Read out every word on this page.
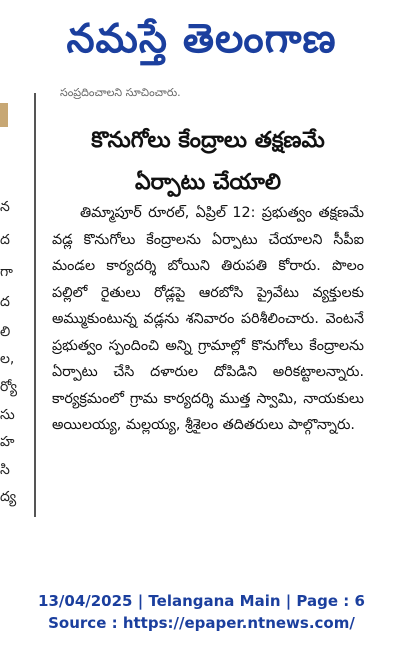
నమస్తే తెలంగాణ
న
ద
గా
ద
లి
ల,
ర్యో
సు
హ
సి
ద్య
సంప్రదించాలని సూచించారు.
కొనుగోలు కేంద్రాలు తక్షణమే
ఏర్పాటు చేయాలి
తిమ్మాపూర్ రూరల్, ఏప్రిల్ 12: ప్రభుత్వం తక్షణమే వడ్ల కొనుగోలు కేంద్రాలను ఏర్పాటు చేయాలని సీపీఐ మండల కార్యదర్శి బోయిని తిరుపతి కోరారు. పొలం పల్లిలో రైతులు రోడ్లపై ఆరబోసి ప్రైవేటు వ్యక్తులకు అమ్ముకుంటున్న వడ్లను శనివారం పరిశీలించారు. వెంటనే ప్రభుత్వం స్పందించి అన్ని గ్రామాల్లో కొనుగోలు కేంద్రాలను ఏర్పాటు చేసి దళారుల దోపిడిని అరికట్టాలన్నారు. కార్యక్రమంలో గ్రామ కార్యదర్శి ముత్త స్వామి, నాయకులు అయిలయ్య, మల్లయ్య, శ్రీశైలం తదితరులు పాల్గొన్నారు.
13/04/2025 | Telangana Main | Page : 6
Source : https://epaper.ntnews.com/
